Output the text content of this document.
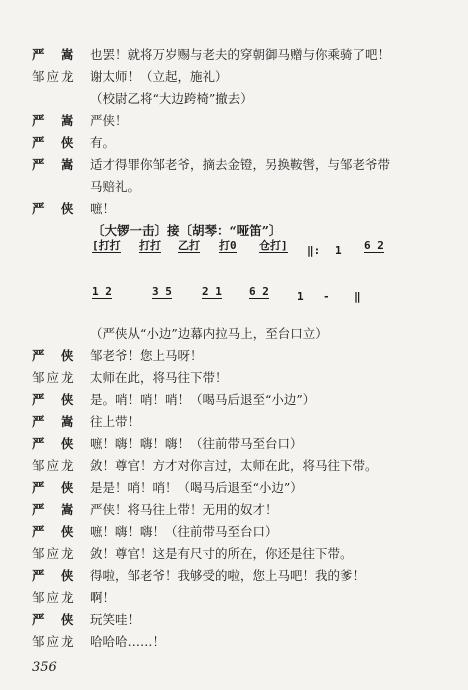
严 嵩 也罢！就将万岁赐与老夫的穿朝御马赠与你乘骑了吧！
邹应龙	谢太师！（立起，施礼）
（校尉乙将“大边跨椅”撤去）
严 嵩 严侠！
严 侠 有。
严 嵩 适才得罪你邹老爷，摘去金镫，另换鞍辔，与邹老爷带
马赔礼。
严 侠 嗻！
〔大锣一击〕接〔胡琴：“哑笛”〕
[打打 打打 乙打 打0 仓打] ‖: 1 6 2
1 2	3 5	2 1 6 2	1 - ‖
（严侠从“小边”边幕内拉马上，至台口立）
严 侠 邹老爷！您上马呀！
邹应龙	太师在此，将马往下带！
严 侠 是。哨！哨！哨！（喝马后退至“小边”）
严 嵩 往上带！
严 侠 嗻！嗨！嗨！嗨！（往前带马至台口）
邹应龙	敛！尊官！方才对你言过，太师在此，将马往下带。
严 侠 是是！哨！哨！（喝马后退至“小边”）
严 嵩 严侠！将马往上带！无用的奴才！
严 侠 嗻！嗨！嗨！（往前带马至台口）
邹应龙	敛！尊官！这是有尺寸的所在，你还是往下带。
严 侠 得啦，邹老爷！我够受的啦，您上马吧！我的爹！
邹应龙	啊！
严 侠 玩笑哇！
邹应龙	哈哈哈……！
356
